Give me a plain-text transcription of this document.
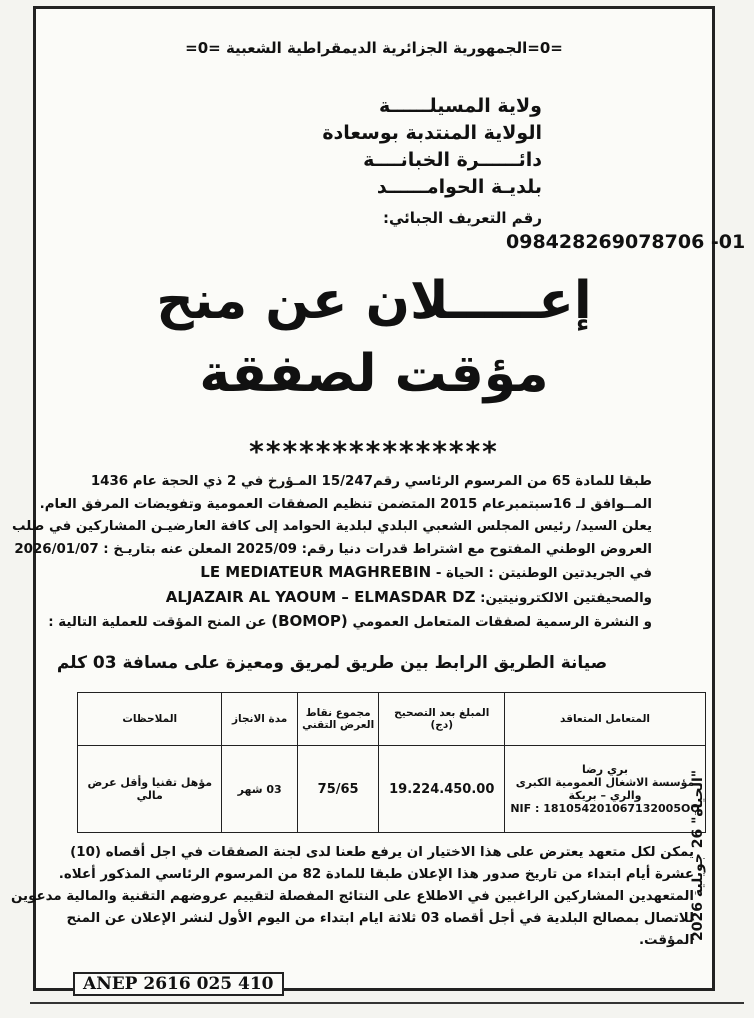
=0=الجمهورية الجزائرية الديمقراطية الشعبية =0=
ولاية المسيلــــــة
الولاية المنتدبة بوسعادة
دائــــــرة الخبانــــة
بلديـة الحوامــــــد
رقم التعريف الجبائي:
098428269078706 -01
إعـــــلان عن منح
مؤقت لصفقة
***************

طبقا للمادة 65 من المرسوم الرئاسي رقم15/247 المـؤرخ في 2 ذي الحجة عام 1436

المــوافق لـ 16سبتمبرعام 2015 المتضمن تنظيم الصفقات العمومية وتفويضات المرفق العام.

يعلن السيد/ رئيس المجلس الشعبي البلدي لبلدية الحوامد إلى كافة العارضيـن المشاركين في طلب

العروض الوطني المفتوح مع اشتراط قدرات دنيا رقم: 2025/09 المعلن عنه بتاريـخ : 2026/01/07

في الجريدتين الوطنيتن : الحياة - LE MEDIATEUR MAGHREBIN

والصحيفتين الالكترونيتين: ALJAZAIR AL YAOUM – ELMASDAR DZ

و النشرة الرسمية لصفقات المتعامل العمومي (BOMOP) عن المنح المؤقت للعملية التالية :

صيانة الطريق الرابط بين طريق لمريق ومعيزة على مسافة 03 كلم
المتعامل المتعاقد	المبلغ بعد التصحيح (دج)	مجموع نقاط العرض التقني	مدة الانجاز	الملاحظات

بري رضا
مؤسسة الاشغال العمومية الكبرى والري – بريكة
NIF : 181054201067132005OO	19.224.450.00	75/65	03 شهر	مؤهل تقنيا وأقل عرض مالي

يمكن لكل متعهد يعترض على هذا الاختيار ان يرفع طعنا لدى لجنة الصفقات في اجل أقصاه (10)

عشرة أيام ابتداء من تاريخ صدور هذا الإعلان طبقا للمادة 82 من المرسوم الرئاسي المذكور أعلاه.

المتعهدين المشاركين الراغبين في الاطلاع على النتائج المفصلة لتقييم عروضهم التقنية والمالية مدعوين

للاتصال بمصالح البلدية في أجل أقصاه 03 ثلاثة ايام ابتداء من اليوم الأول لنشر الإعلان عن المنح

المؤقت.

"الحياة" 26 جويلية 2026
ANEP 2616 025 410
